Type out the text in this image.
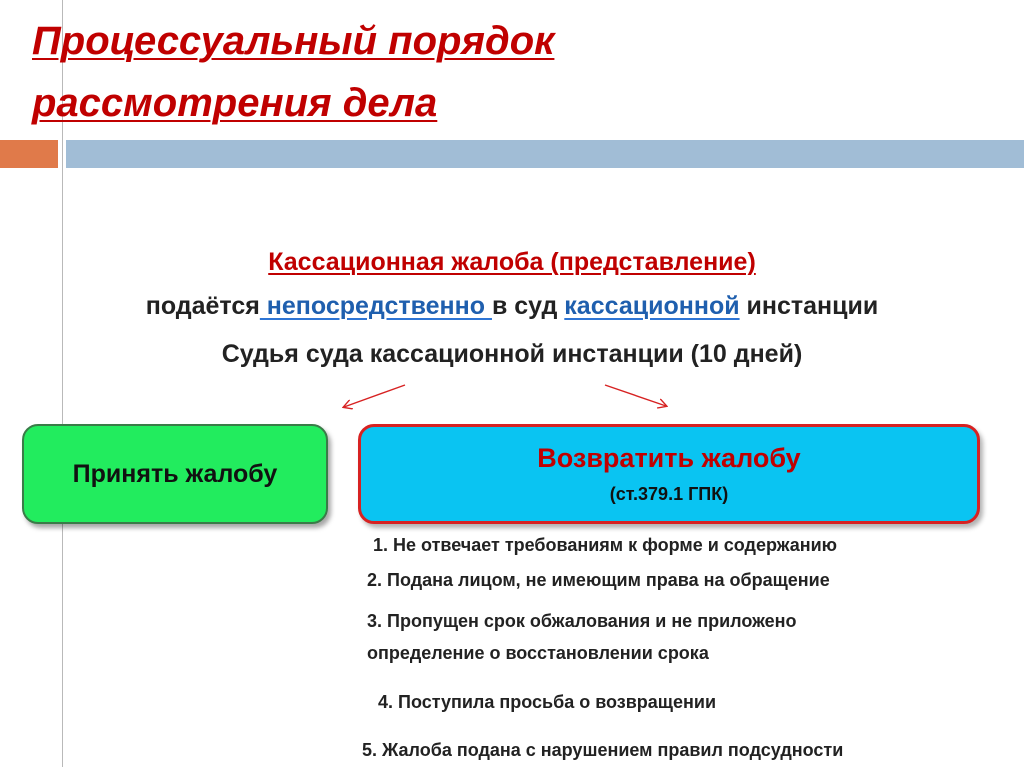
Процессуальный порядок
рассмотрения дела
Кассационная жалоба (представление)
подаётся непосредственно в суд кассационной инстанции
Судья суда кассационной инстанции (10 дней)
Принять жалобу
Возвратить жалобу
(ст.379.1 ГПК)
1. Не отвечает требованиям к форме и содержанию
2. Подана лицом, не имеющим права на обращение
3. Пропущен срок обжалования и не приложено
определение о восстановлении срока
4. Поступила просьба о возвращении
5. Жалоба подана с нарушением правил подсудности
